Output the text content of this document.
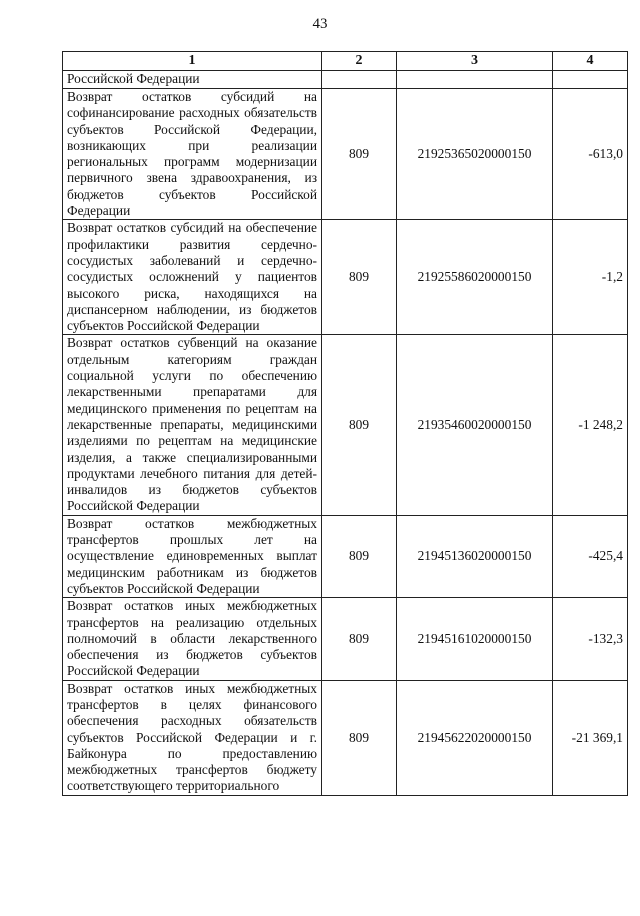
43
1	2	3	4
Российской Федерации			
Возврат остатков субсидий на софинансирование расходных обязательств субъектов Российской Федерации, возникающих при реализации региональных программ модернизации первичного звена здравоохранения, из бюджетов субъектов Российской Федерации	809	21925365020000150	-613,0
Возврат остатков субсидий на обеспечение профилактики развития сердечно-сосудистых заболеваний и сердечно-сосудистых осложнений у пациентов высокого риска, находящихся на диспансерном наблюдении, из бюджетов субъектов Российской Федерации	809	21925586020000150	-1,2
Возврат остатков субвенций на оказание отдельным категориям граждан социальной услуги по обеспечению лекарственными препаратами для медицинского применения по рецептам на лекарственные препараты, медицинскими изделиями по рецептам на медицинские изделия, а также специализированными продуктами лечебного питания для детей-инвалидов из бюджетов субъектов Российской Федерации	809	21935460020000150	-1 248,2
Возврат остатков межбюджетных трансфертов прошлых лет на осуществление единовременных выплат медицинским работникам из бюджетов субъектов Российской Федерации	809	21945136020000150	-425,4
Возврат остатков иных межбюджетных трансфертов на реализацию отдельных полномочий в области лекарственного обеспечения из бюджетов субъектов Российской Федерации	809	21945161020000150	-132,3
Возврат остатков иных межбюджетных трансфертов в целях финансового обеспечения расходных обязательств субъектов Российской Федерации и г. Байконура по предоставлению межбюджетных трансфертов бюджету соответствующего территориального	809	21945622020000150	-21 369,1
